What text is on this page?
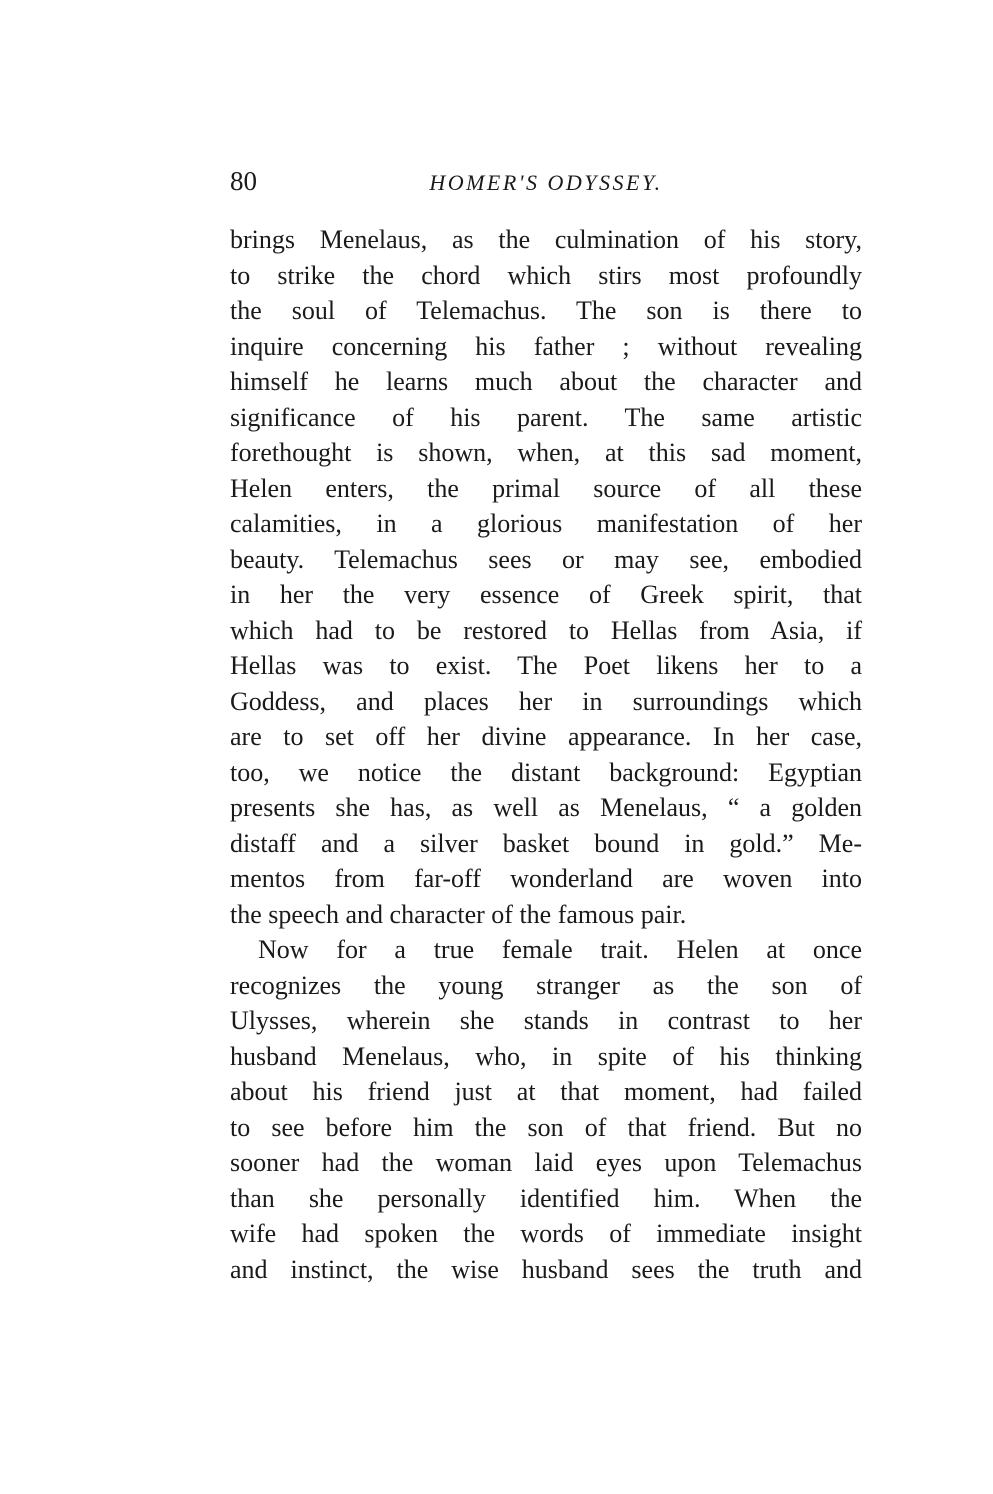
80	HOMER'S ODYSSEY.
brings Menelaus, as the culmination of his story,
to strike the chord which stirs most profoundly
the soul of Telemachus. The son is there to
inquire concerning his father ; without revealing
himself he learns much about the character and
significance of his parent. The same artistic
forethought is shown, when, at this sad moment,
Helen enters, the primal source of all these
calamities, in a glorious manifestation of her
beauty. Telemachus sees or may see, embodied
in her the very essence of Greek spirit, that
which had to be restored to Hellas from Asia, if
Hellas was to exist. The Poet likens her to a
Goddess, and places her in surroundings which
are to set off her divine appearance. In her case,
too, we notice the distant background: Egyptian
presents she has, as well as Menelaus, “ a golden
distaff and a silver basket bound in gold.” Me-
mentos from far-off wonderland are woven into
the speech and character of the famous pair.
Now for a true female trait. Helen at once
recognizes the young stranger as the son of
Ulysses, wherein she stands in contrast to her
husband Menelaus, who, in spite of his thinking
about his friend just at that moment, had failed
to see before him the son of that friend. But no
sooner had the woman laid eyes upon Telemachus
than she personally identified him. When the
wife had spoken the words of immediate insight
and instinct, the wise husband sees the truth and
